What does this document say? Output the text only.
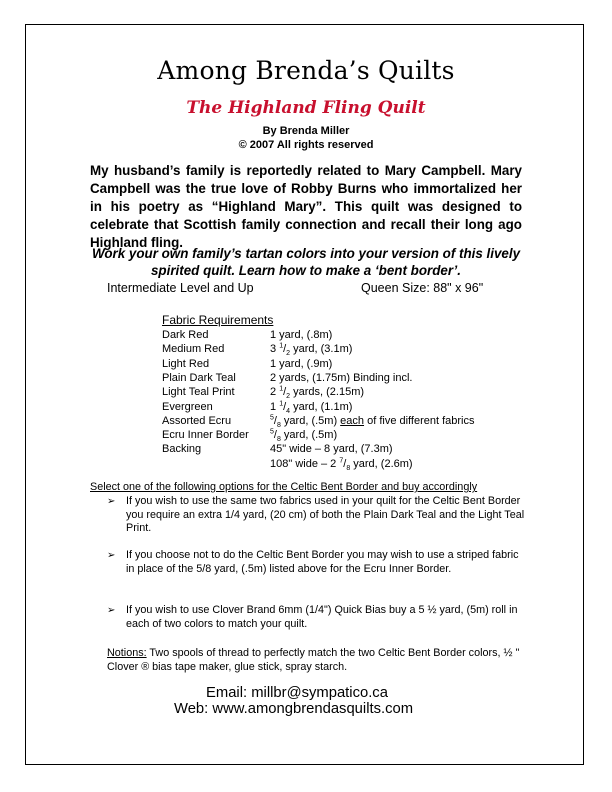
Among Brenda’s Quilts
The Highland Fling Quilt
By Brenda Miller
© 2007 All rights reserved
My husband’s family is reportedly related to Mary Campbell. Mary Campbell was the true love of Robby Burns who immortalized her in his poetry as “Highland Mary”. This quilt was designed to celebrate that Scottish family connection and recall their long ago Highland fling.
Work your own family’s tartan colors into your version of this lively spirited quilt. Learn how to make a ‘bent border’.
Intermediate Level and Up	Queen Size: 88" x 96"
Fabric Requirements
Dark Red	1 yard, (.8m)
Medium Red	3 $^1/_2$ yard, (3.1m)
Light Red	1 yard, (.9m)
Plain Dark Teal	2 yards, (1.75m) Binding incl.
Light Teal Print	2 $^1/_2$ yards, (2.15m)
Evergreen	1 $^1/_4$ yard, (1.1m)
Assorted Ecru	$^5/_8$ yard, (.5m) each of five different fabrics
Ecru Inner Border	$^5/_8$ yard, (.5m)
Backing	45" wide – 8 yard, (7.3m)
108" wide – 2 $^7/_8$ yard, (2.6m)
Select one of the following options for the Celtic Bent Border and buy accordingly
➢ If you wish to use the same two fabrics used in your quilt for the Celtic Bent Border you require an extra 1/4 yard, (20 cm) of both the Plain Dark Teal and the Light Teal Print.
➢ If you choose not to do the Celtic Bent Border you may wish to use a striped fabric in place of the 5/8 yard, (.5m) listed above for the Ecru Inner Border.
➢ If you wish to use Clover Brand 6mm (1/4") Quick Bias buy a 5 ½ yard, (5m) roll in each of two colors to match your quilt.
Notions: Two spools of thread to perfectly match the two Celtic Bent Border colors, ½ " Clover ® bias tape maker, glue stick, spray starch.
Email: millbr@sympatico.ca
Web: www.amongbrendasquilts.com
